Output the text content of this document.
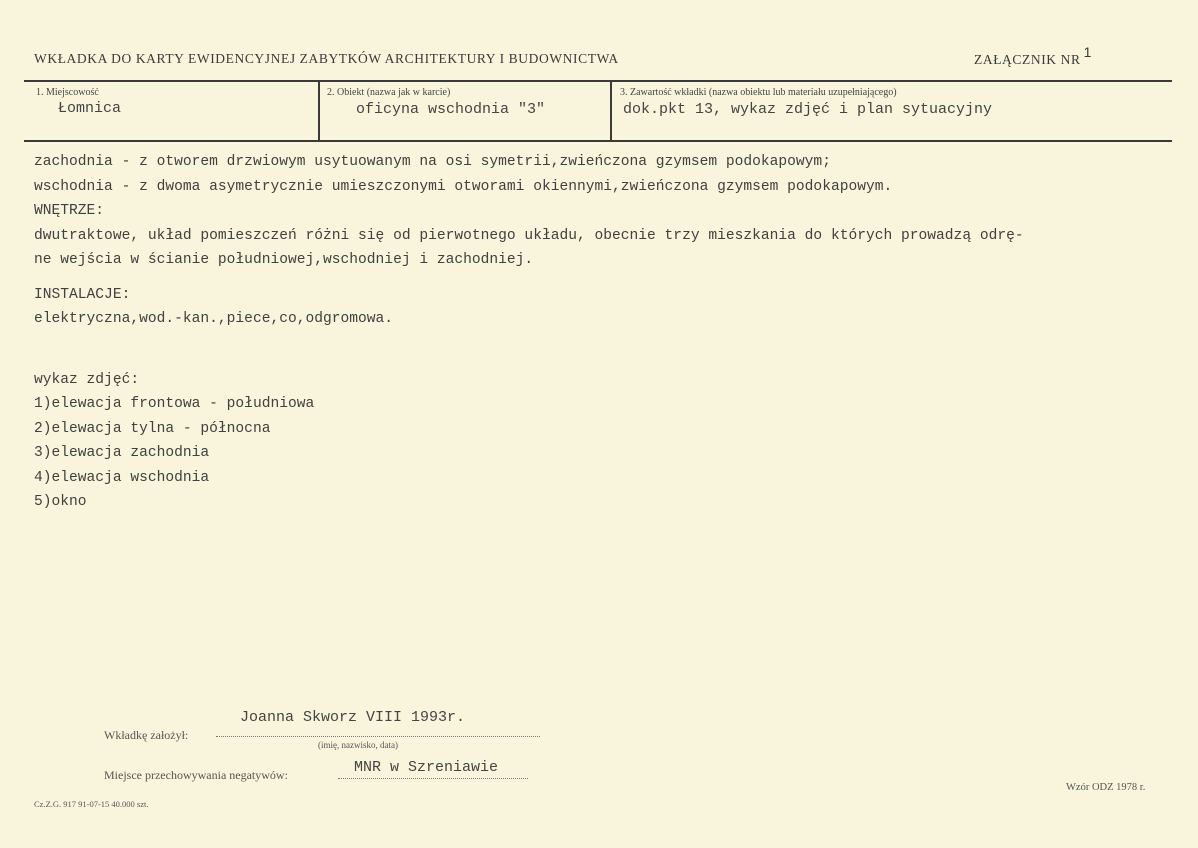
WKŁADKA DO KARTY EWIDENCYJNEJ ZABYTKÓW ARCHITEKTURY I BUDOWNICTWA	ZAŁĄCZNIK NR 1
1. Miejscowość
Łomnica
2. Obiekt (nazwa jak w karcie)
oficyna wschodnia "3"
3. Zawartość wkładki (nazwa obiektu lub materiału uzupełniającego)
dok.pkt 13, wykaz zdjęć i plan sytuacyjny
zachodnia - z otworem drzwiowym usytuowanym na osi symetrii,zwieńczona gzymsem podokapowym;
wschodnia - z dwoma asymetrycznie umieszczonymi otworami okiennymi,zwieńczona gzymsem podokapowym.
WNĘTRZE:
dwutraktowe, układ pomieszczeń różni się od pierwotnego układu, obecnie trzy mieszkania do których prowadzą odrę-
ne wejścia w ścianie południowej,wschodniej i zachodniej.
INSTALACJE:
elektryczna,wod.-kan.,piece,co,odgromowa.
wykaz zdjęć:
1)elewacja frontowa - południowa
2)elewacja tylna - północna
3)elewacja zachodnia
4)elewacja wschodnia
5)okno
Wkładkę założył:
Joanna Skworz VIII 1993r.
(imię, nazwisko, data)
Miejsce przechowywania negatywów:	MNR w Szreniawie
Wzór ODZ 1978 r.
Cz.Z.G. 917 91-07-15 40.000 szt.
